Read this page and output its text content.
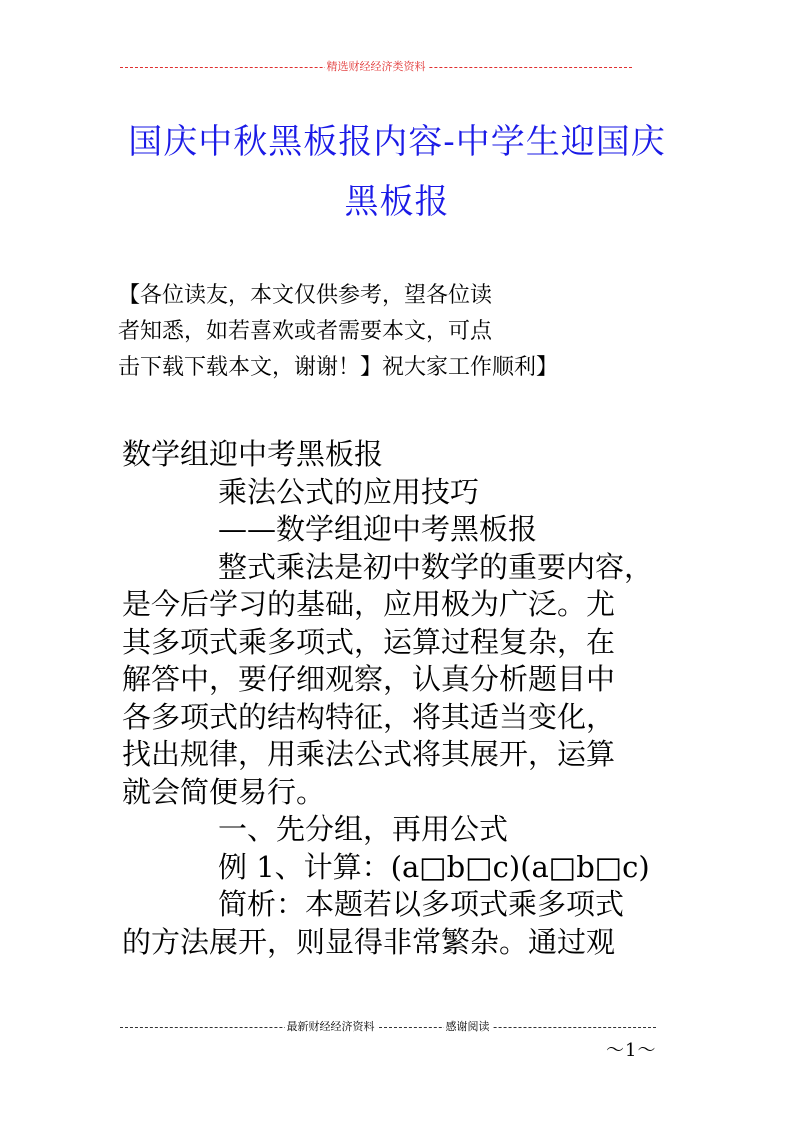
精选财经经济类资料
国庆中秋黑板报内容-中学生迎国庆
黑板报
【各位读友，本文仅供参考，望各位读
者知悉，如若喜欢或者需要本文，可点
击下载下载本文，谢谢！】祝大家工作顺利】

数学组迎中考黑板报

乘法公式的应用技巧

——数学组迎中考黑板报

整式乘法是初中数学的重要内容，

是今后学习的基础，应用极为广泛。尤

其多项式乘多项式，运算过程复杂，在

解答中，要仔细观察，认真分析题目中

各多项式的结构特征，将其适当变化，

找出规律，用乘法公式将其展开，运算

就会简便易行。

一、先分组，再用公式

例 1、计算：(a□b□c)(a□b□c)

简析：本题若以多项式乘多项式

的方法展开，则显得非常繁杂。通过观

最新财经经济资料	感谢阅读
～1～
